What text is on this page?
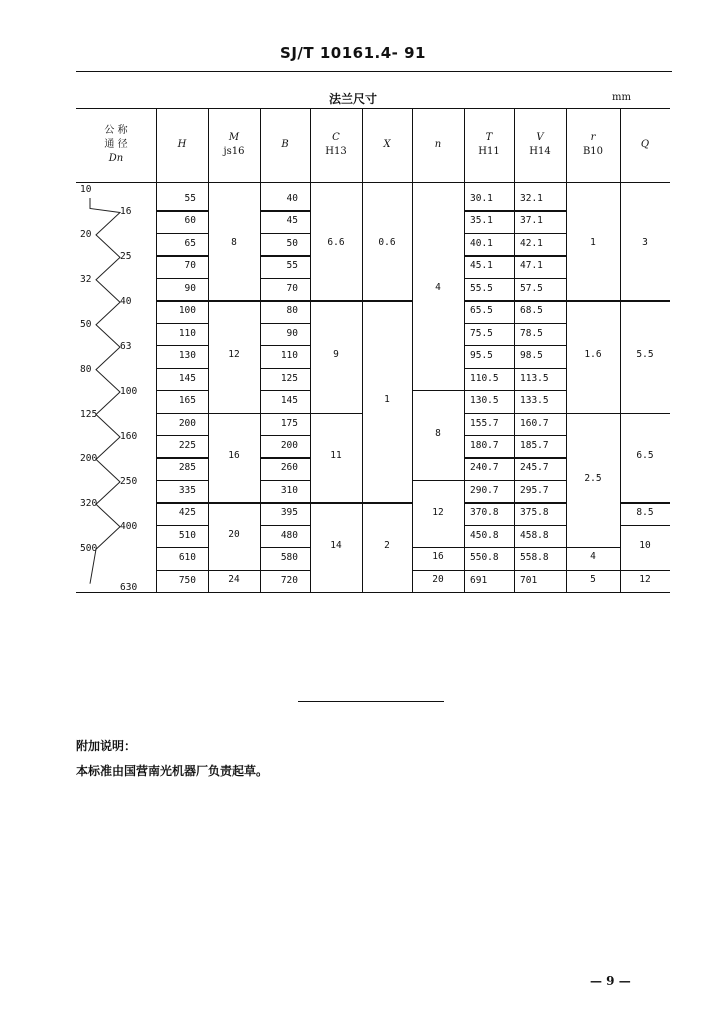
SJ/T 10161.4- 91
法兰尺寸	mm
公 称
通 径
Dn
H
M
js16
B
C
H13
X	n
T
H11
V
H14
r
B10
Q
55
60
65
70
90
100
110
130
145
165
200
225
285
335
425
510
610
750
40
45
50
55
70
80
90
110
125
145
175
200
260
310
395
480
580
720
30.1
35.1
40.1
45.1
55.5
65.5
75.5
95.5
110.5
130.5
155.7
180.7
240.7
290.7
370.8
450.8
550.8
691
32.1
37.1
42.1
47.1
57.5
68.5
78.5
98.5
113.5
133.5
160.7
185.7
245.7
295.7
375.8
458.8
558.8
701
8
12
16
20
24
6.6
9
11
14
0.6
1
2
4
8
12
16
20
1
1.6
2.5
4
5
3
5.5
6.5
8.5
10
12
10
16
20
25
32
40
50
63
80
100
125
160
200
250
320
400
500
630
附加说明：
本标准由国营南光机器厂负责起草。
— 9 —
